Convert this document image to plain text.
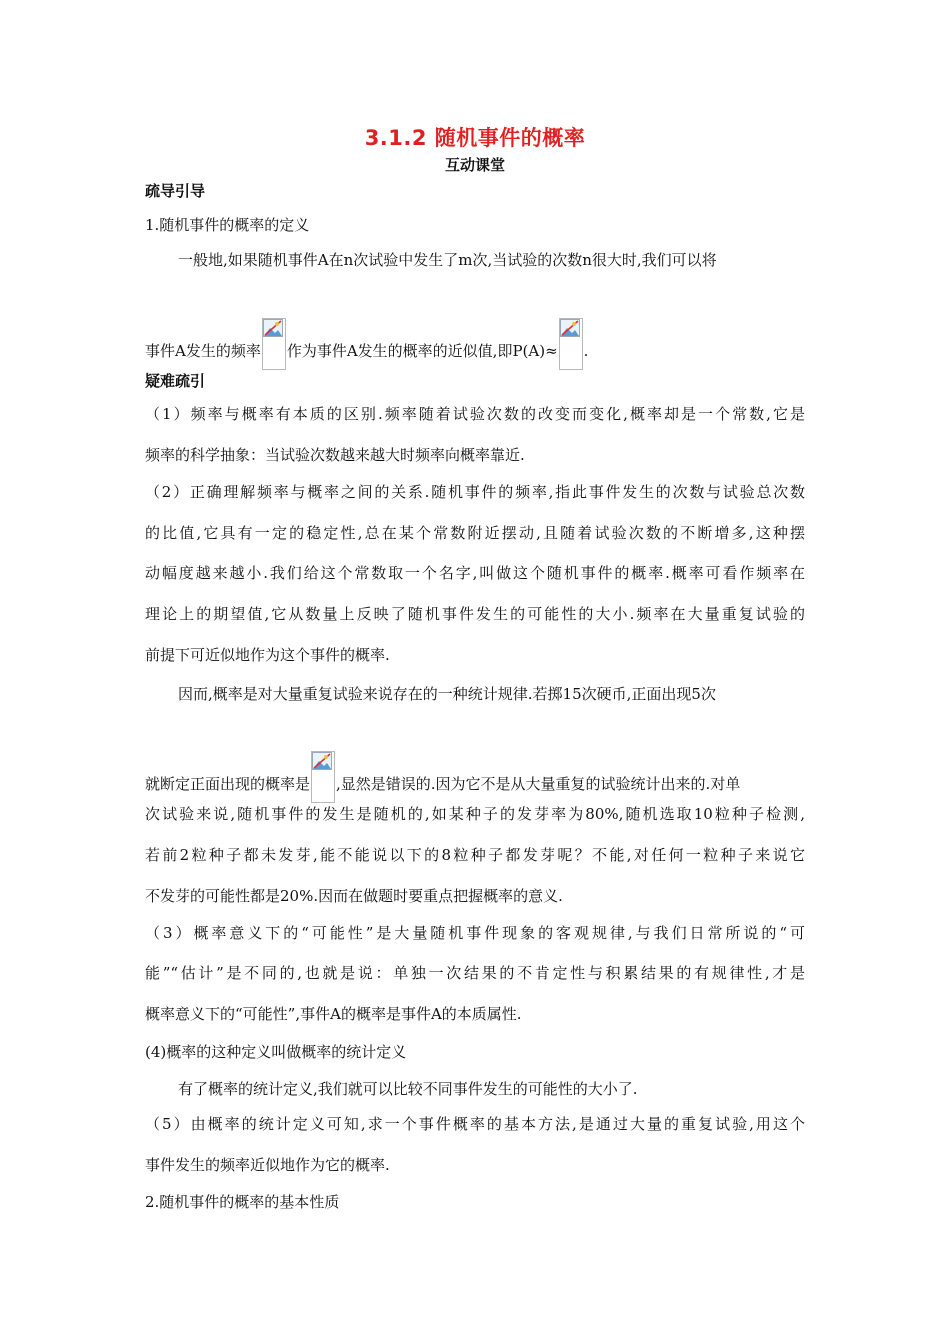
3.1.2 随机事件的概率
互动课堂
疏导引导
1.随机事件的概率的定义
一般地,如果随机事件A在n次试验中发生了m次,当试验的次数n很大时,我们可以将
事件A发生的频率 作为事件A发生的概率的近似值,即P(A)≈ .
疑难疏引
（1）频率与概率有本质的区别.频率随着试验次数的改变而变化,概率却是一个常数,它是
频率的科学抽象：当试验次数越来越大时频率向概率靠近.
（2）正确理解频率与概率之间的关系.随机事件的频率,指此事件发生的次数与试验总次数
的比值,它具有一定的稳定性,总在某个常数附近摆动,且随着试验次数的不断增多,这种摆
动幅度越来越小.我们给这个常数取一个名字,叫做这个随机事件的概率.概率可看作频率在
理论上的期望值,它从数量上反映了随机事件发生的可能性的大小.频率在大量重复试验的
前提下可近似地作为这个事件的概率.
因而,概率是对大量重复试验来说存在的一种统计规律.若掷15次硬币,正面出现5次
就断定正面出现的概率是 ,显然是错误的.因为它不是从大量重复的试验统计出来的.对单
次试验来说,随机事件的发生是随机的,如某种子的发芽率为80%,随机选取10粒种子检测,
若前2粒种子都未发芽,能不能说以下的8粒种子都发芽呢？不能,对任何一粒种子来说它
不发芽的可能性都是20%.因而在做题时要重点把握概率的意义.
（3）概率意义下的“可能性”是大量随机事件现象的客观规律,与我们日常所说的“可
能”“估计”是不同的,也就是说：单独一次结果的不肯定性与积累结果的有规律性,才是
概率意义下的“可能性”,事件A的概率是事件A的本质属性.
(4)概率的这种定义叫做概率的统计定义
有了概率的统计定义,我们就可以比较不同事件发生的可能性的大小了.
（5）由概率的统计定义可知,求一个事件概率的基本方法,是通过大量的重复试验,用这个
事件发生的频率近似地作为它的概率.
2.随机事件的概率的基本性质
